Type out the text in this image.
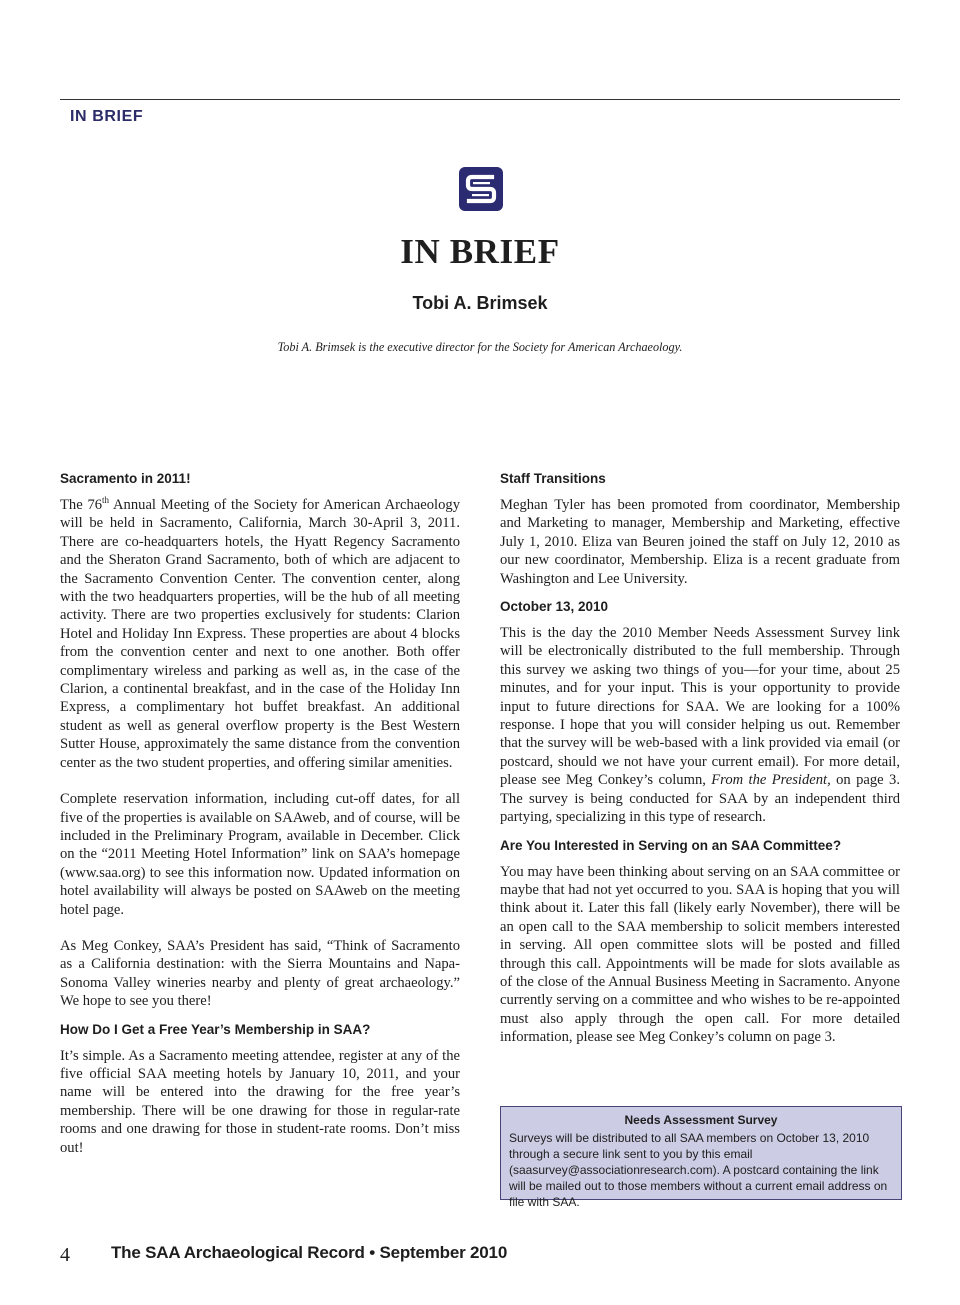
IN BRIEF
IN BRIEF
Tobi A. Brimsek
Tobi A. Brimsek is the executive director for the Society for American Archaeology.
Sacramento in 2011!

The 76th Annual Meeting of the Society for American Archaeology will be held in Sacramento, California, March 30-April 3, 2011. There are co-headquarters hotels, the Hyatt Regency Sacramento and the Sheraton Grand Sacramento, both of which are adjacent to the Sacramento Convention Center. The convention center, along with the two headquarters properties, will be the hub of all meeting activity. There are two properties exclusively for students: Clarion Hotel and Holiday Inn Express. These properties are about 4 blocks from the convention center and next to one another. Both offer complimentary wireless and parking as well as, in the case of the Clarion, a continental breakfast, and in the case of the Holiday Inn Express, a complimentary hot buffet breakfast. An additional student as well as general overflow property is the Best Western Sutter House, approximately the same distance from the convention center as the two student properties, and offering similar amenities.

Complete reservation information, including cut-off dates, for all five of the properties is available on SAAweb, and of course, will be included in the Preliminary Program, available in December. Click on the “2011 Meeting Hotel Information” link on SAA’s homepage (www.saa.org) to see this information now. Updated information on hotel availability will always be posted on SAAweb on the meeting hotel page.

As Meg Conkey, SAA’s President has said, “Think of Sacramento as a California destination: with the Sierra Mountains and Napa-Sonoma Valley wineries nearby and plenty of great archaeology.” We hope to see you there!

How Do I Get a Free Year’s Membership in SAA?

It’s simple. As a Sacramento meeting attendee, register at any of the five official SAA meeting hotels by January 10, 2011, and your name will be entered into the drawing for the free year’s membership. There will be one drawing for those in regular-rate rooms and one drawing for those in student-rate rooms. Don’t miss out!

Staff Transitions

Meghan Tyler has been promoted from coordinator, Membership and Marketing to manager, Membership and Marketing, effective July 1, 2010. Eliza van Beuren joined the staff on July 12, 2010 as our new coordinator, Membership. Eliza is a recent graduate from Washington and Lee University.

October 13, 2010

This is the day the 2010 Member Needs Assessment Survey link will be electronically distributed to the full membership. Through this survey we asking two things of you—for your time, about 25 minutes, and for your input. This is your opportunity to provide input to future directions for SAA. We are looking for a 100% response. I hope that you will consider helping us out. Remember that the survey will be web-based with a link provided via email (or postcard, should we not have your current email). For more detail, please see Meg Conkey’s column, From the President, on page 3. The survey is being conducted for SAA by an independent third partying, specializing in this type of research.

Are You Interested in Serving on an SAA Committee?

You may have been thinking about serving on an SAA committee or maybe that had not yet occurred to you. SAA is hoping that you will think about it. Later this fall (likely early November), there will be an open call to the SAA membership to solicit members interested in serving. All open committee slots will be posted and filled through this call. Appointments will be made for slots available as of the close of the Annual Business Meeting in Sacramento. Anyone currently serving on a committee and who wishes to be re-appointed must also apply through the open call. For more detailed information, please see Meg Conkey’s column on page 3.

Needs Assessment Survey
Surveys will be distributed to all SAA members on October 13, 2010 through a secure link sent to you by this email (saasurvey@associationresearch.com). A postcard containing the link will be mailed out to those members without a current email address on file with SAA.
4 The SAA Archaeological Record • September 2010
